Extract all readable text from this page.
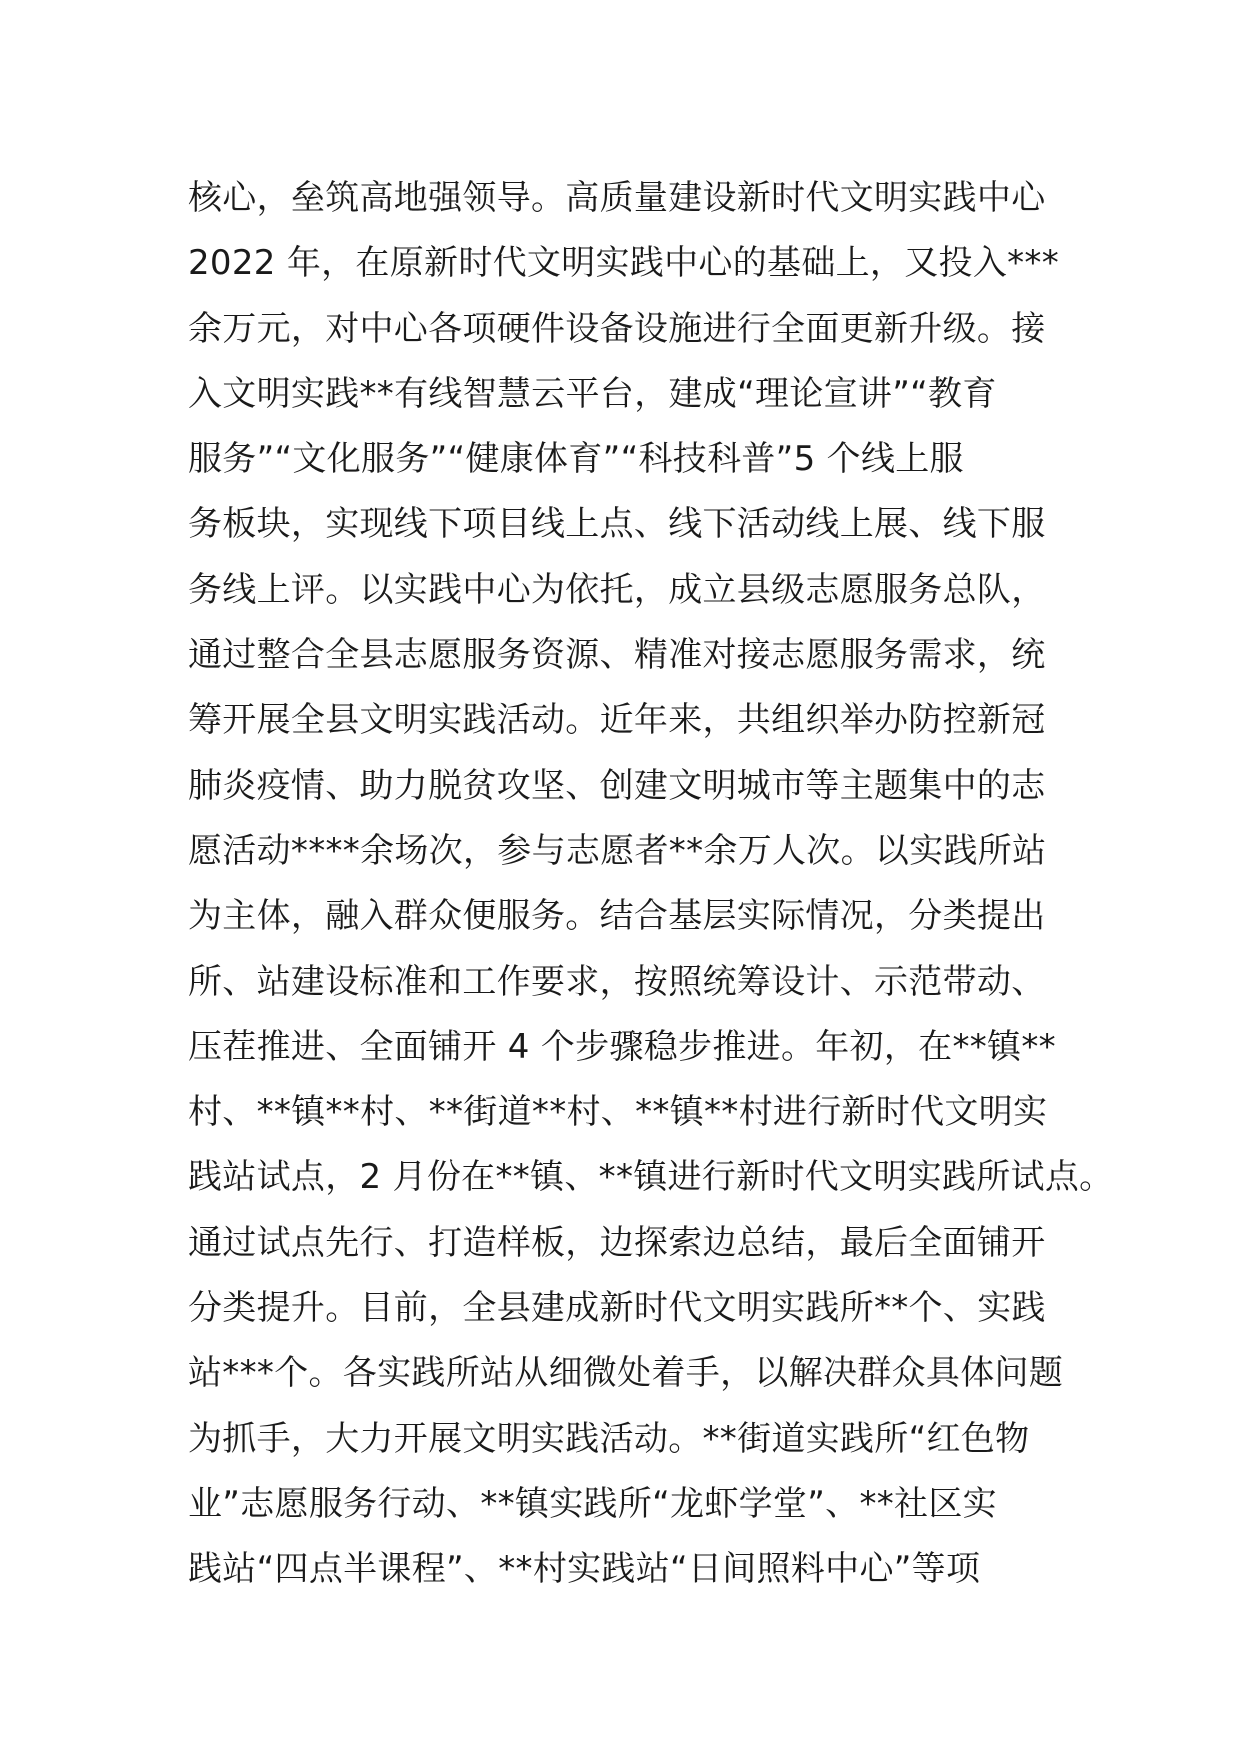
核心，垒筑高地强领导。高质量建设新时代文明实践中心
2022 年，在原新时代文明实践中心的基础上，又投入***
余万元，对中心各项硬件设备设施进行全面更新升级。接
入文明实践**有线智慧云平台，建成“理论宣讲”“教育
服务”“文化服务”“健康体育”“科技科普”5 个线上服
务板块，实现线下项目线上点、线下活动线上展、线下服
务线上评。以实践中心为依托，成立县级志愿服务总队，
通过整合全县志愿服务资源、精准对接志愿服务需求，统
筹开展全县文明实践活动。近年来，共组织举办防控新冠
肺炎疫情、助力脱贫攻坚、创建文明城市等主题集中的志
愿活动****余场次，参与志愿者**余万人次。以实践所站
为主体，融入群众便服务。结合基层实际情况，分类提出
所、站建设标准和工作要求，按照统筹设计、示范带动、
压茬推进、全面铺开 4 个步骤稳步推进。年初，在**镇**
村、**镇**村、**街道**村、**镇**村进行新时代文明实
践站试点，2 月份在**镇、**镇进行新时代文明实践所试点。
通过试点先行、打造样板，边探索边总结，最后全面铺开
分类提升。目前，全县建成新时代文明实践所**个、实践
站***个。各实践所站从细微处着手，以解决群众具体问题
为抓手，大力开展文明实践活动。**街道实践所“红色物
业”志愿服务行动、**镇实践所“龙虾学堂”、**社区实
践站“四点半课程”、**村实践站“日间照料中心”等项
